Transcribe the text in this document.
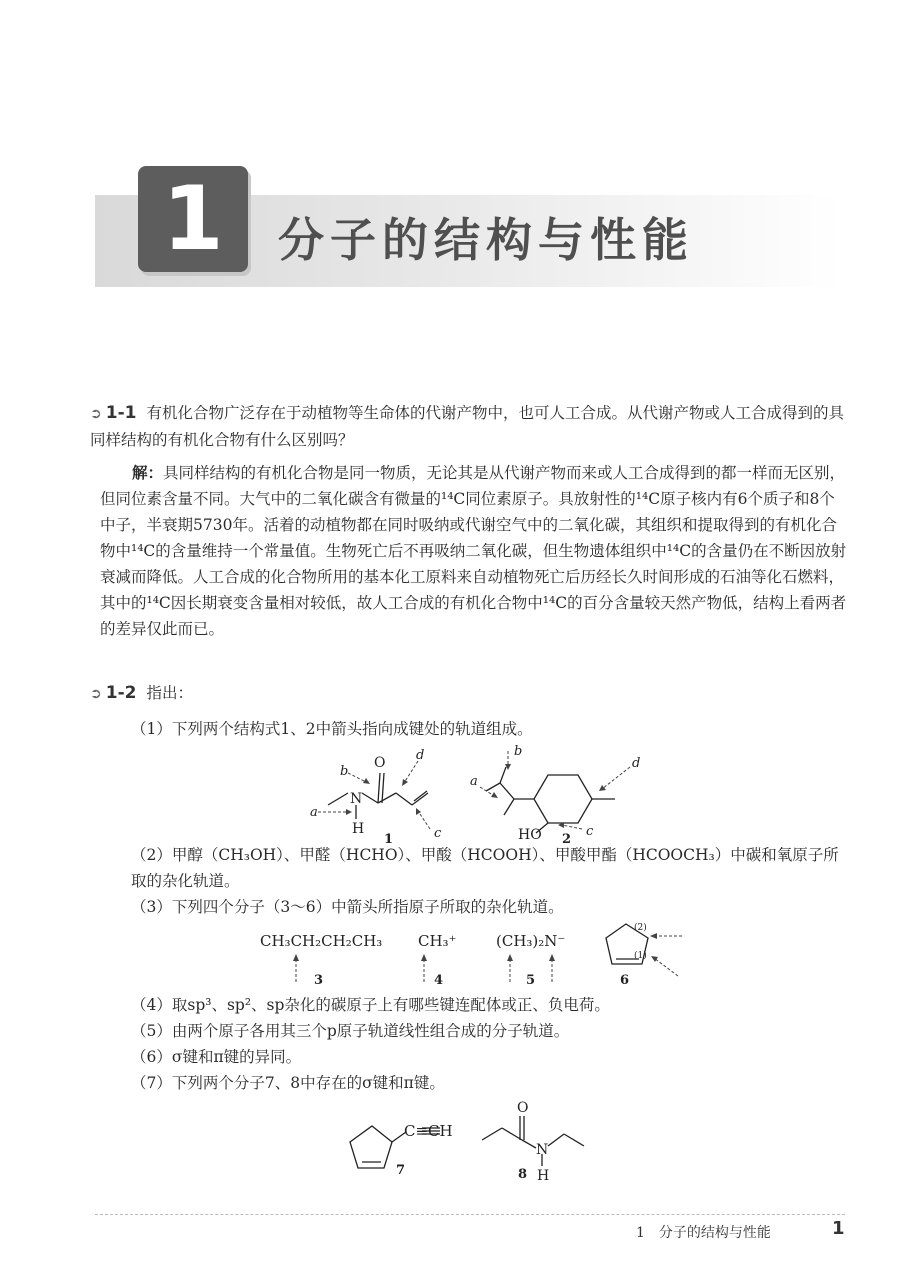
1	分子的结构与性能
➲ 1-1 有机化合物广泛存在于动植物等生命体的代谢产物中，也可人工合成。从代谢产物或人工合成得到的具同样结构的有机化合物有什么区别吗？
解：具同样结构的有机化合物是同一物质，无论其是从代谢产物而来或人工合成得到的都一样而无区别，但同位素含量不同。大气中的二氧化碳含有微量的¹⁴C同位素原子。具放射性的¹⁴C原子核内有6个质子和8个中子，半衰期5730年。活着的动植物都在同时吸纳或代谢空气中的二氧化碳，其组织和提取得到的有机化合物中¹⁴C的含量维持一个常量值。生物死亡后不再吸纳二氧化碳，但生物遗体组织中¹⁴C的含量仍在不断因放射衰减而降低。人工合成的化合物所用的基本化工原料来自动植物死亡后历经长久时间形成的石油等化石燃料，其中的¹⁴C因长期衰变含量相对较低，故人工合成的有机化合物中¹⁴C的百分含量较天然产物低，结构上看两者的差异仅此而已。
➲ 1-2 指出：
（1）下列两个结构式1、2中箭头指向成键处的轨道组成。
O
N
H
a
b
c
d
1
a
b
c
d
HO 2
（2）甲醇（CH₃OH）、甲醛（HCHO）、甲酸（HCOOH）、甲酸甲酯（HCOOCH₃）中碳和氧原子所取的杂化轨道。
（3）下列四个分子（3～6）中箭头所指原子所取的杂化轨道。
CH₃CH₂CH₂CH₃ CH₃⁺	(CH₃)₂N⁻
(2)
(1)
3	4	5	6
（4）取sp³、sp²、sp杂化的碳原子上有哪些键连配体或正、负电荷。
（5）由两个原子各用其三个p原子轨道线性组合成的分子轨道。
（6）σ键和π键的异同。
（7）下列两个分子7、8中存在的σ键和π键。
C≡CH
O
N
H
7	8
1　分子的结构与性能	1
